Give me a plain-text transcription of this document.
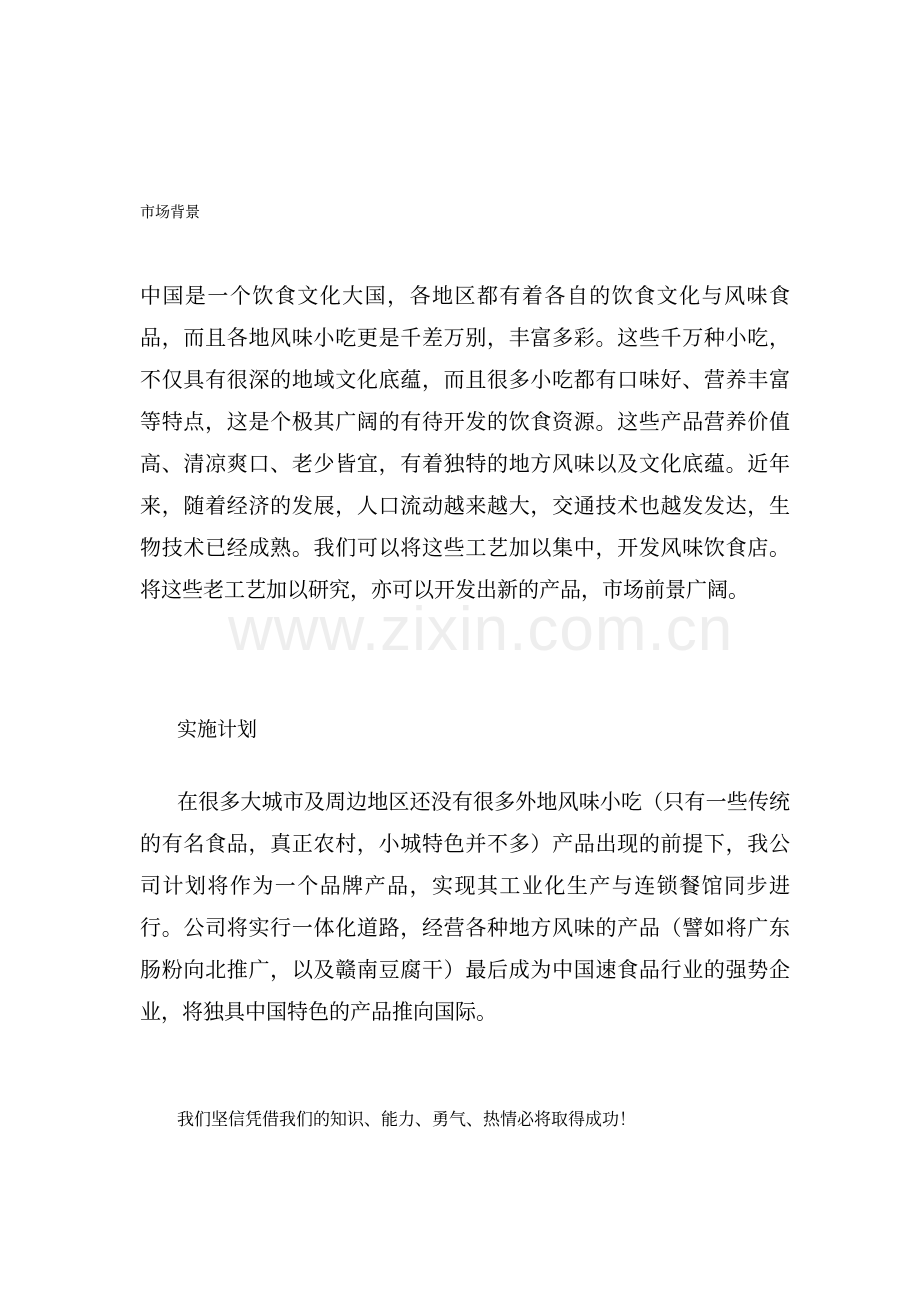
www.zixin.com.cn
市场背景

中国是一个饮食文化大国，各地区都有着各自的饮食文化与风味食品，而且各地风味小吃更是千差万别，丰富多彩。这些千万种小吃，不仅具有很深的地域文化底蕴，而且很多小吃都有口味好、营养丰富等特点，这是个极其广阔的有待开发的饮食资源。这些产品营养价值高、清凉爽口、老少皆宜，有着独特的地方风味以及文化底蕴。近年来，随着经济的发展，人口流动越来越大，交通技术也越发发达，生物技术已经成熟。我们可以将这些工艺加以集中，开发风味饮食店。将这些老工艺加以研究，亦可以开发出新的产品，市场前景广阔。

实施计划

在很多大城市及周边地区还没有很多外地风味小吃（只有一些传统的有名食品，真正农村，小城特色并不多）产品出现的前提下，我公司计划将作为一个品牌产品，实现其工业化生产与连锁餐馆同步进行。公司将实行一体化道路，经营各种地方风味的产品（譬如将广东肠粉向北推广，以及赣南豆腐干）最后成为中国速食品行业的强势企业，将独具中国特色的产品推向国际。

我们坚信凭借我们的知识、能力、勇气、热情必将取得成功！
